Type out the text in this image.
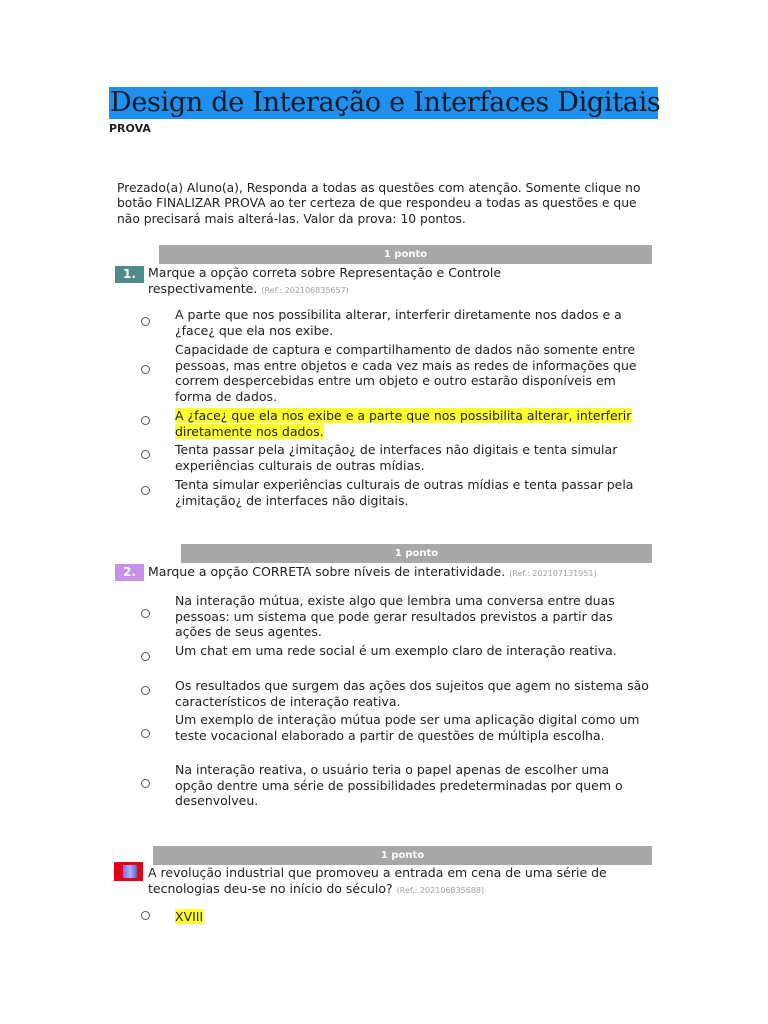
Design de Interação e Interfaces Digitais
PROVA
Prezado(a) Aluno(a), Responda a todas as questões com atenção. Somente clique no botão FINALIZAR PROVA ao ter certeza de que respondeu a todas as questões e que não precisará mais alterá-las. Valor da prova: 10 pontos.
1 ponto
1. Marque a opção correta sobre Representação e Controle respectivamente. (Ref.: 202106835657)
A parte que nos possibilita alterar, interferir diretamente nos dados e a ¿face¿ que ela nos exibe.
Capacidade de captura e compartilhamento de dados não somente entre pessoas, mas entre objetos e cada vez mais as redes de informações que correm despercebidas entre um objeto e outro estarão disponíveis em forma de dados.
A ¿face¿ que ela nos exibe e a parte que nos possibilita alterar, interferir diretamente nos dados.
Tenta passar pela ¿imitação¿ de interfaces não digitais e tenta simular experiências culturais de outras mídias.
Tenta simular experiências culturais de outras mídias e tenta passar pela ¿imitação¿ de interfaces não digitais.
1 ponto
2. Marque a opção CORRETA sobre níveis de interatividade. (Ref.: 202107131951)
Na interação mútua, existe algo que lembra uma conversa entre duas pessoas: um sistema que pode gerar resultados previstos a partir das ações de seus agentes.
Um chat em uma rede social é um exemplo claro de interação reativa.
Os resultados que surgem das ações dos sujeitos que agem no sistema são característicos de interação reativa.
Um exemplo de interação mútua pode ser uma aplicação digital como um teste vocacional elaborado a partir de questões de múltipla escolha.
Na interação reativa, o usuário teria o papel apenas de escolher uma opção dentre uma série de possibilidades predeterminadas por quem o desenvolveu.
1 ponto
A revolução industrial que promoveu a entrada em cena de uma série de tecnologias deu-se no início do século? (Ref.: 202106835688)
XVIII
